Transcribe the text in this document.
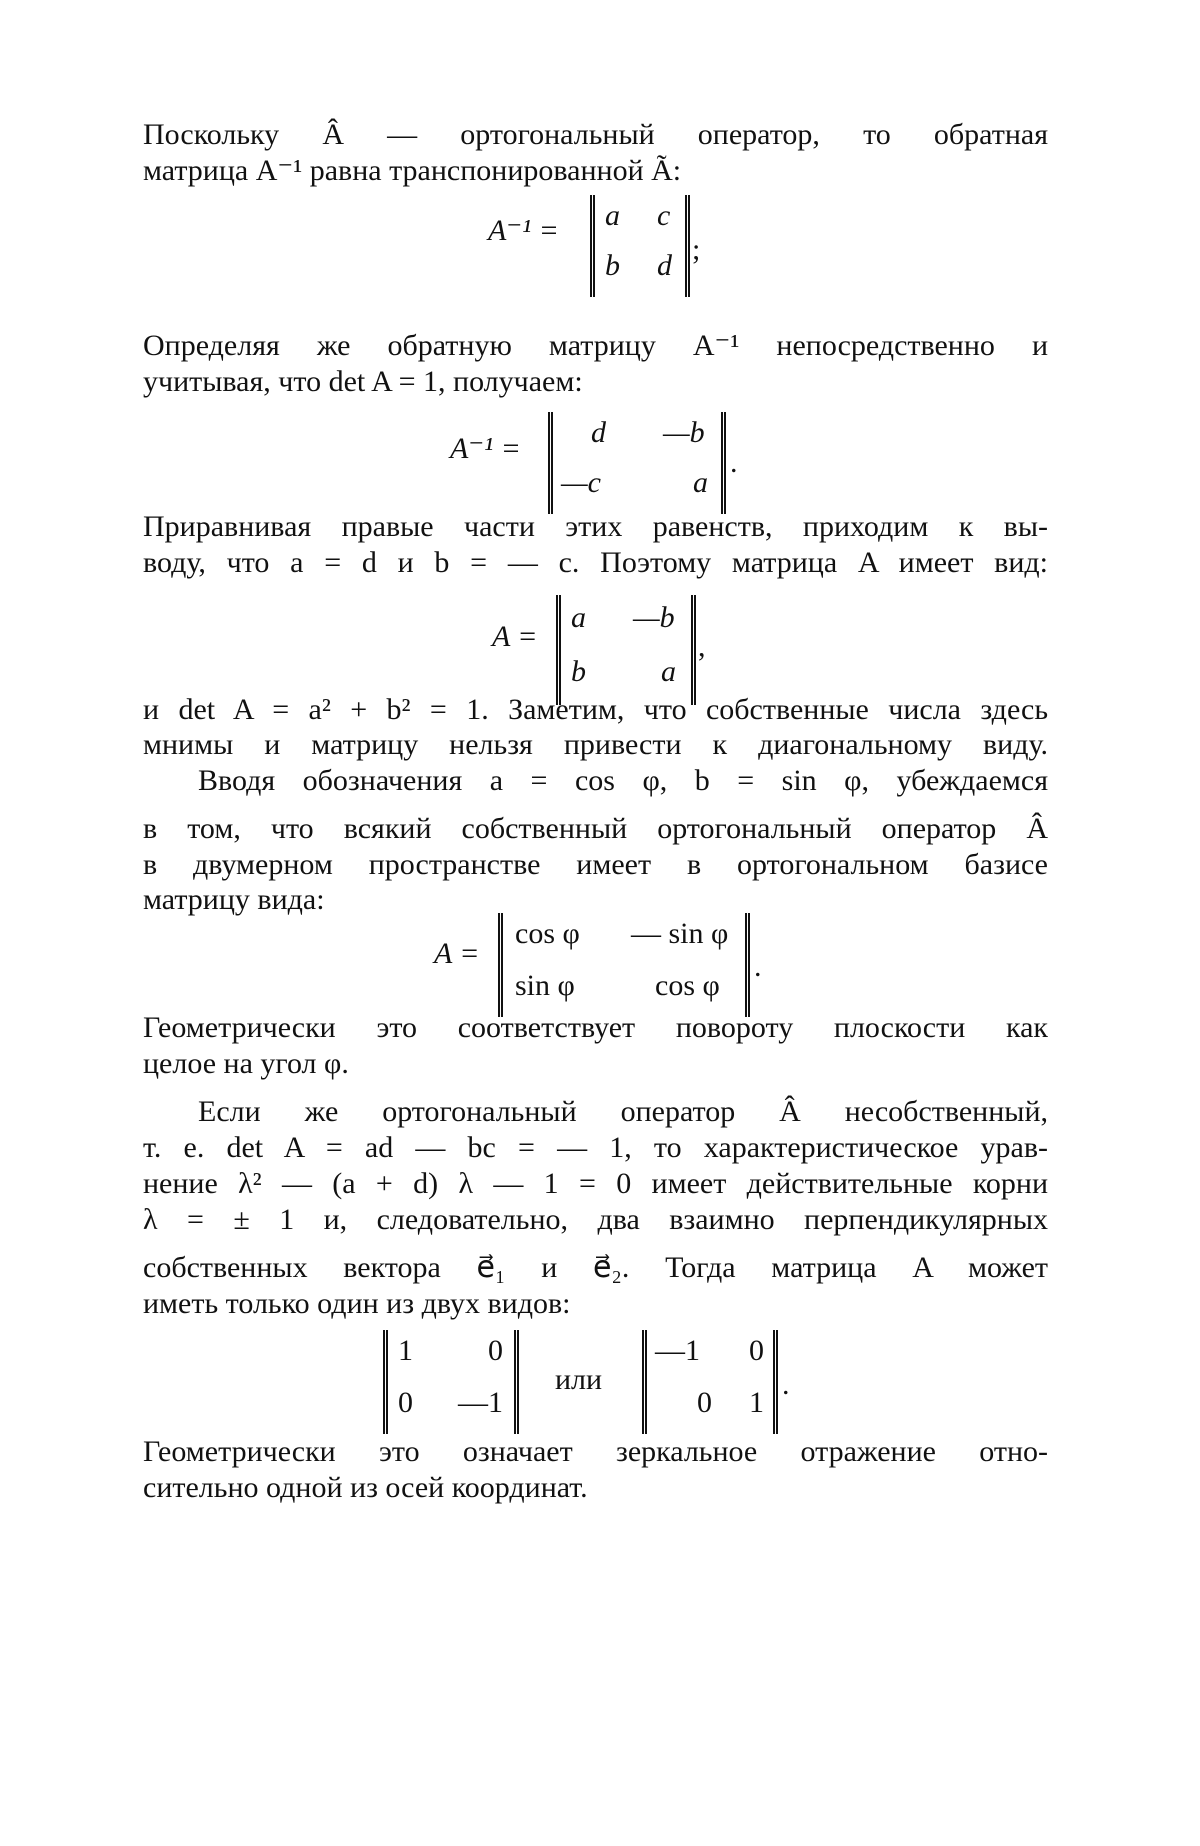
Поскольку Â — ортогональный оператор, то обратная
матрица A⁻¹ равна транспонированной Ã:
A⁻¹ = a c
b d ;
Определяя же обратную матрицу A⁻¹ непосредственно и
учитывая, что det A = 1, получаем:
A⁻¹ = d —b
—c	a
.
Приравнивая правые части этих равенств, приходим к вы-
воду, что a = d и b = — c. Поэтому матрица A имеет вид:
A =
a —b
b	a
,
и det A = a² + b² = 1. Заметим, что собственные числа здесь
мнимы и матрицу нельзя привести к диагональному виду.
Вводя обозначения a = cos φ, b = sin φ, убеждаемся
в том, что всякий собственный ортогональный оператор Â
в двумерном пространстве имеет в ортогональном базисе
матрицу вида:
A =
cos φ — sin φ
sin φ	cos φ
.
Геометрически это соответствует повороту плоскости как
целое на угол φ.
Если же ортогональный оператор Â несобственный,
т. е. det A = ad — bc = — 1, то характеристическое урав-
нение λ² — (a + d) λ — 1 = 0 имеет действительные корни
λ = ± 1 и, следовательно, два взаимно перпендикулярных
собственных вектора e⃗₁ и e⃗₂. Тогда матрица A может
иметь только один из двух видов:
1	0
0 —1
или
—1 0
0 1
.
Геометрически это означает зеркальное отражение отно-
сительно одной из осей координат.
